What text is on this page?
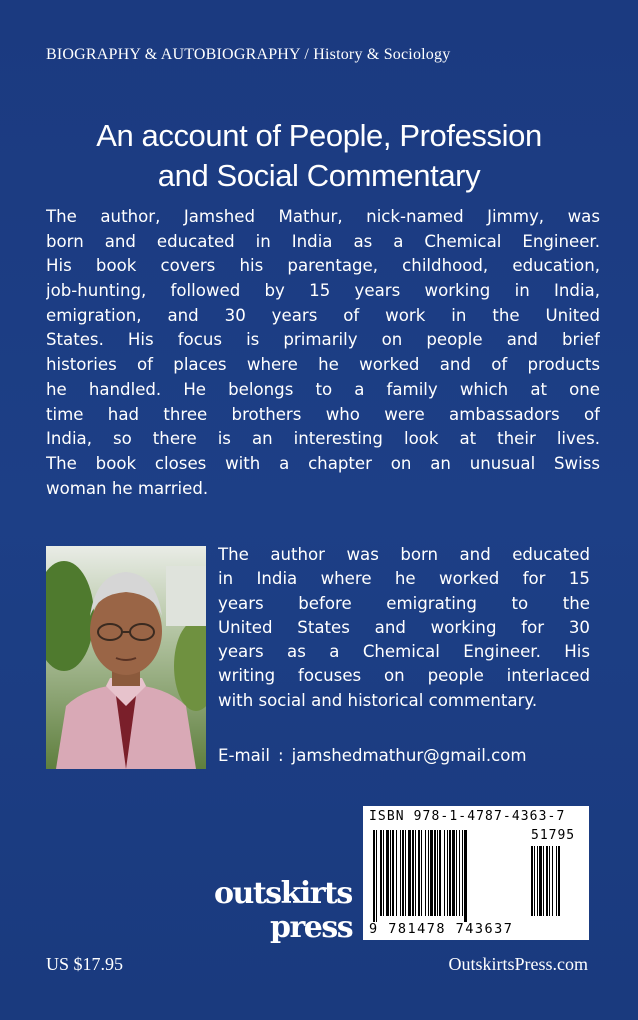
BIOGRAPHY & AUTOBIOGRAPHY / History & Sociology
An account of People, Profession
and Social Commentary
The author, Jamshed Mathur, nick-named Jimmy, was
born and educated in India as a Chemical Engineer.
His book covers his parentage, childhood, education,
job-hunting, followed by 15 years working in India,
emigration, and 30 years of work in the United
States. His focus is primarily on people and brief
histories of places where he worked and of products
he handled. He belongs to a family which at one
time had three brothers who were ambassadors of
India, so there is an interesting look at their lives.
The book closes with a chapter on an unusual Swiss
woman he married.
The author was born and educated
in India where he worked for 15
years before emigrating to the
United States and working for 30
years as a Chemical Engineer. His
writing focuses on people interlaced
with social and historical commentary.
E-mail : jamshedmathur@gmail.com
ISBN 978-1-4787-4363-7
51795
9 781478 743637
outskirts
press
US $17.95	OutskirtsPress.com
